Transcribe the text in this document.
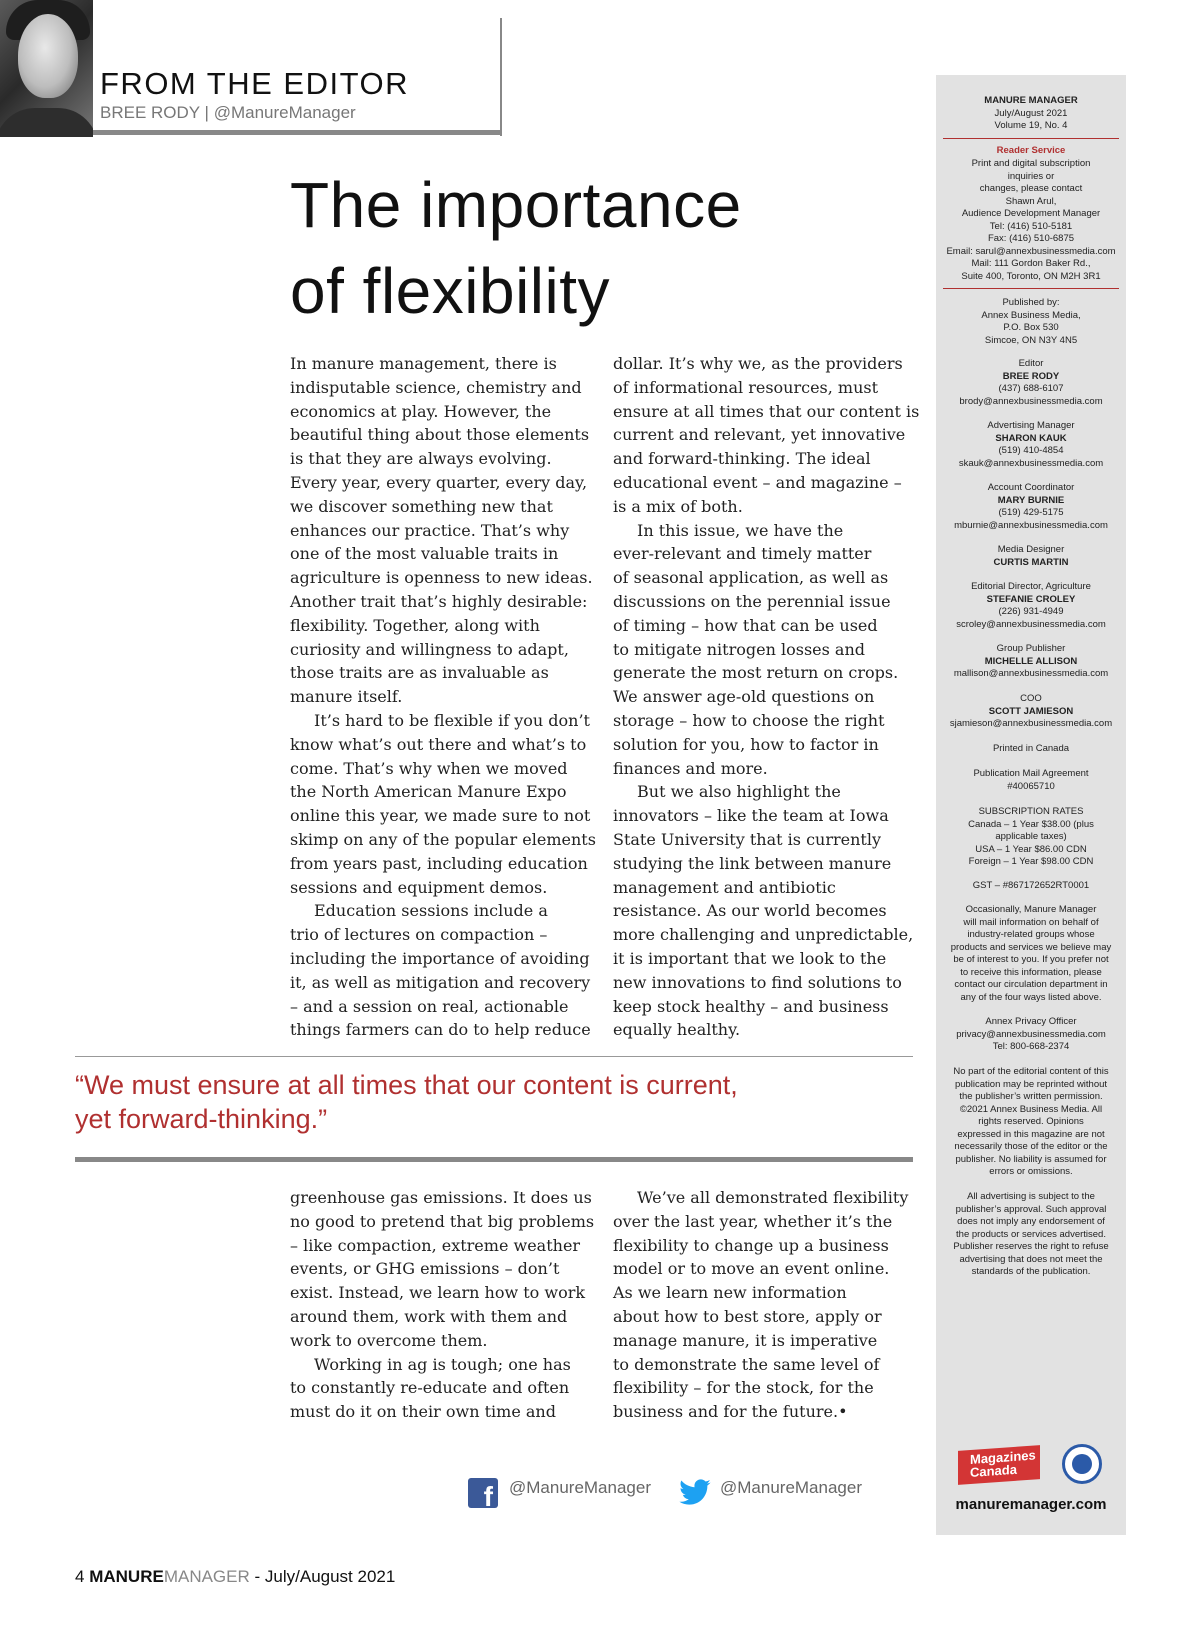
FROM THE EDITOR
BREE RODY | @ManureManager
The importance
of flexibility
In manure management, there is
indisputable science, chemistry and
economics at play. However, the
beautiful thing about those elements
is that they are always evolving.
Every year, every quarter, every day,
we discover something new that
enhances our practice. That’s why
one of the most valuable traits in
agriculture is openness to new ideas.
Another trait that’s highly desirable:
flexibility. Together, along with
curiosity and willingness to adapt,
those traits are as invaluable as
manure itself.
It’s hard to be flexible if you don’t
know what’s out there and what’s to
come. That’s why when we moved
the North American Manure Expo
online this year, we made sure to not
skimp on any of the popular elements
from years past, including education
sessions and equipment demos.
Education sessions include a
trio of lectures on compaction –
including the importance of avoiding
it, as well as mitigation and recovery
– and a session on real, actionable
things farmers can do to help reduce
dollar. It’s why we, as the providers
of informational resources, must
ensure at all times that our content is
current and relevant, yet innovative
and forward-thinking. The ideal
educational event – and magazine –
is a mix of both.
In this issue, we have the
ever-relevant and timely matter
of seasonal application, as well as
discussions on the perennial issue
of timing – how that can be used
to mitigate nitrogen losses and
generate the most return on crops.
We answer age-old questions on
storage – how to choose the right
solution for you, how to factor in
finances and more.
But we also highlight the
innovators – like the team at Iowa
State University that is currently
studying the link between manure
management and antibiotic
resistance. As our world becomes
more challenging and unpredictable,
it is important that we look to the
new innovations to find solutions to
keep stock healthy – and business
equally healthy.
“We must ensure at all times that our content is current,
yet forward-thinking.”
greenhouse gas emissions. It does us
no good to pretend that big problems
– like compaction, extreme weather
events, or GHG emissions – don’t
exist. Instead, we learn how to work
around them, work with them and
work to overcome them.
Working in ag is tough; one has
to constantly re-educate and often
must do it on their own time and
We’ve all demonstrated flexibility
over the last year, whether it’s the
flexibility to change up a business
model or to move an event online.
As we learn new information
about how to best store, apply or
manage manure, it is imperative
to demonstrate the same level of
flexibility – for the stock, for the
business and for the future.•
f @ManureManager	@ManureManager
4 MANUREMANAGER - July/August 2021
Magazines
Canada
manuremanager.com
MANURE MANAGER
July/August 2021
Volume 19, No. 4
Reader Service
Print and digital subscription
inquiries or
changes, please contact
Shawn Arul,
Audience Development Manager
Tel: (416) 510-5181
Fax: (416) 510-6875
Email: sarul@annexbusinessmedia.com
Mail: 111 Gordon Baker Rd.,
Suite 400, Toronto, ON M2H 3R1
Published by:
Annex Business Media,
P.O. Box 530
Simcoe, ON N3Y 4N5
Editor
BREE RODY
(437) 688-6107
brody@annexbusinessmedia.com
Advertising Manager
SHARON KAUK
(519) 410-4854
skauk@annexbusinessmedia.com
Account Coordinator
MARY BURNIE
(519) 429-5175
mburnie@annexbusinessmedia.com
Media Designer
CURTIS MARTIN
Editorial Director, Agriculture
STEFANIE CROLEY
(226) 931-4949
scroley@annexbusinessmedia.com
Group Publisher
MICHELLE ALLISON
mallison@annexbusinessmedia.com
COO
SCOTT JAMIESON
sjamieson@annexbusinessmedia.com
Printed in Canada
Publication Mail Agreement
#40065710
SUBSCRIPTION RATES
Canada – 1 Year $38.00 (plus
applicable taxes)
USA – 1 Year $86.00 CDN
Foreign – 1 Year $98.00 CDN
GST – #867172652RT0001
Occasionally, Manure Manager
will mail information on behalf of
industry-related groups whose
products and services we believe may
be of interest to you. If you prefer not
to receive this information, please
contact our circulation department in
any of the four ways listed above.
Annex Privacy Officer
privacy@annexbusinessmedia.com
Tel: 800-668-2374
No part of the editorial content of this
publication may be reprinted without
the publisher’s written permission.
©2021 Annex Business Media. All
rights reserved. Opinions
expressed in this magazine are not
necessarily those of the editor or the
publisher. No liability is assumed for
errors or omissions.
All advertising is subject to the
publisher’s approval. Such approval
does not imply any endorsement of
the products or services advertised.
Publisher reserves the right to refuse
advertising that does not meet the
standards of the publication.
